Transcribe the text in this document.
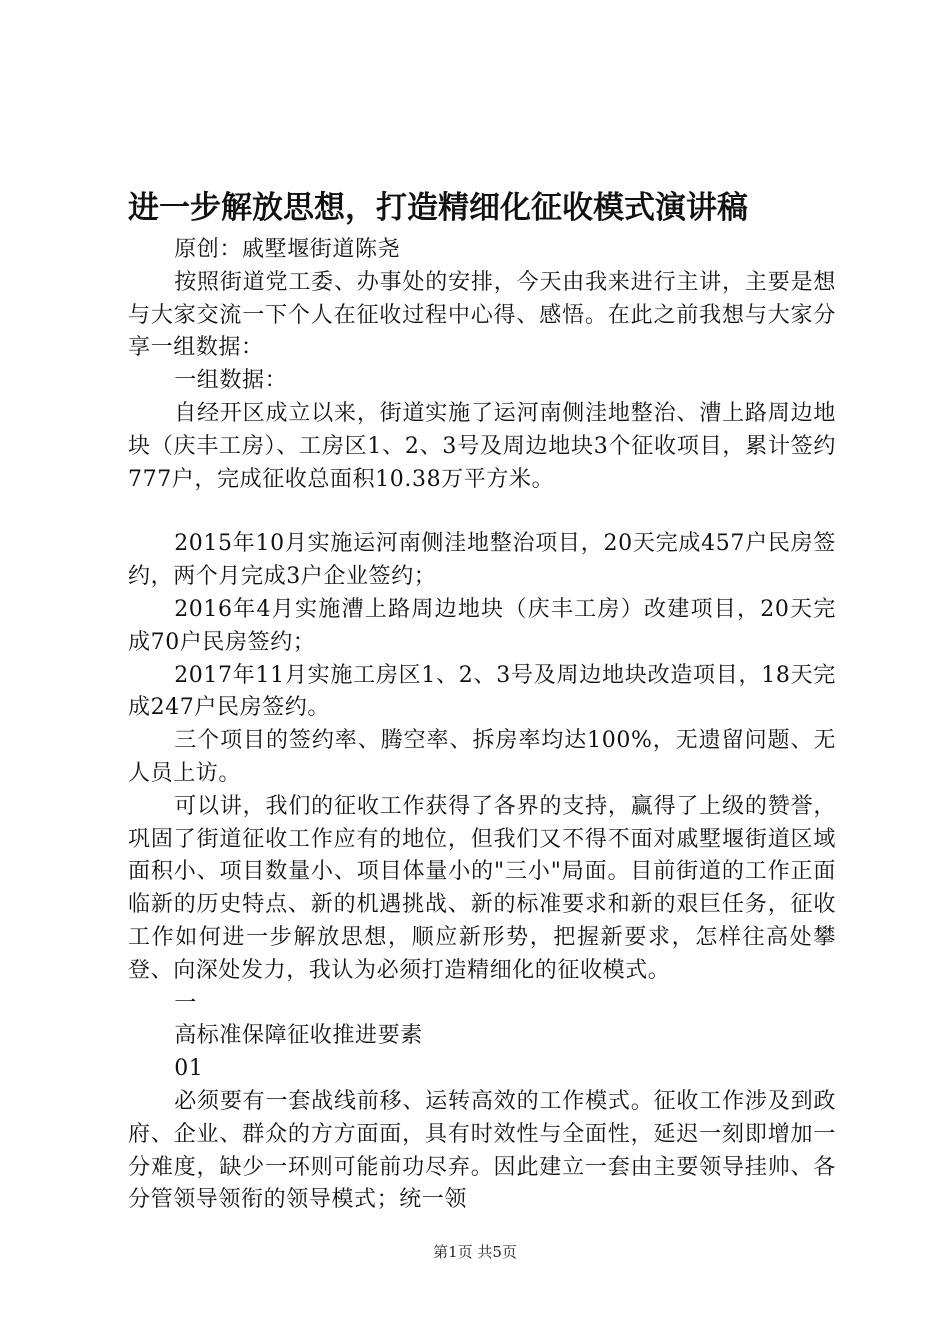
进一步解放思想，打造精细化征收模式演讲稿

原创：戚墅堰街道陈尧

按照街道党工委、办事处的安排，今天由我来进行主讲，主要是想与大家交流一下个人在征收过程中心得、感悟。在此之前我想与大家分享一组数据：

一组数据：

自经开区成立以来，街道实施了运河南侧洼地整治、漕上路周边地块（庆丰工房）、工房区1、2、3号及周边地块3个征收项目，累计签约777户，完成征收总面积10.38万平方米。

2015年10月实施运河南侧洼地整治项目，20天完成457户民房签约，两个月完成3户企业签约；

2016年4月实施漕上路周边地块（庆丰工房）改建项目，20天完成70户民房签约；

2017年11月实施工房区1、2、3号及周边地块改造项目，18天完成247户民房签约。

三个项目的签约率、腾空率、拆房率均达100%，无遗留问题、无人员上访。

可以讲，我们的征收工作获得了各界的支持，赢得了上级的赞誉，巩固了街道征收工作应有的地位，但我们又不得不面对戚墅堰街道区域面积小、项目数量小、项目体量小的"三小"局面。目前街道的工作正面临新的历史特点、新的机遇挑战、新的标准要求和新的艰巨任务，征收工作如何进一步解放思想，顺应新形势，把握新要求，怎样往高处攀登、向深处发力，我认为必须打造精细化的征收模式。

一

高标准保障征收推进要素

01

必须要有一套战线前移、运转高效的工作模式。征收工作涉及到政府、企业、群众的方方面面，具有时效性与全面性，延迟一刻即增加一分难度，缺少一环则可能前功尽弃。因此建立一套由主要领导挂帅、各分管领导领衔的领导模式；统一领

第1页 共5页
